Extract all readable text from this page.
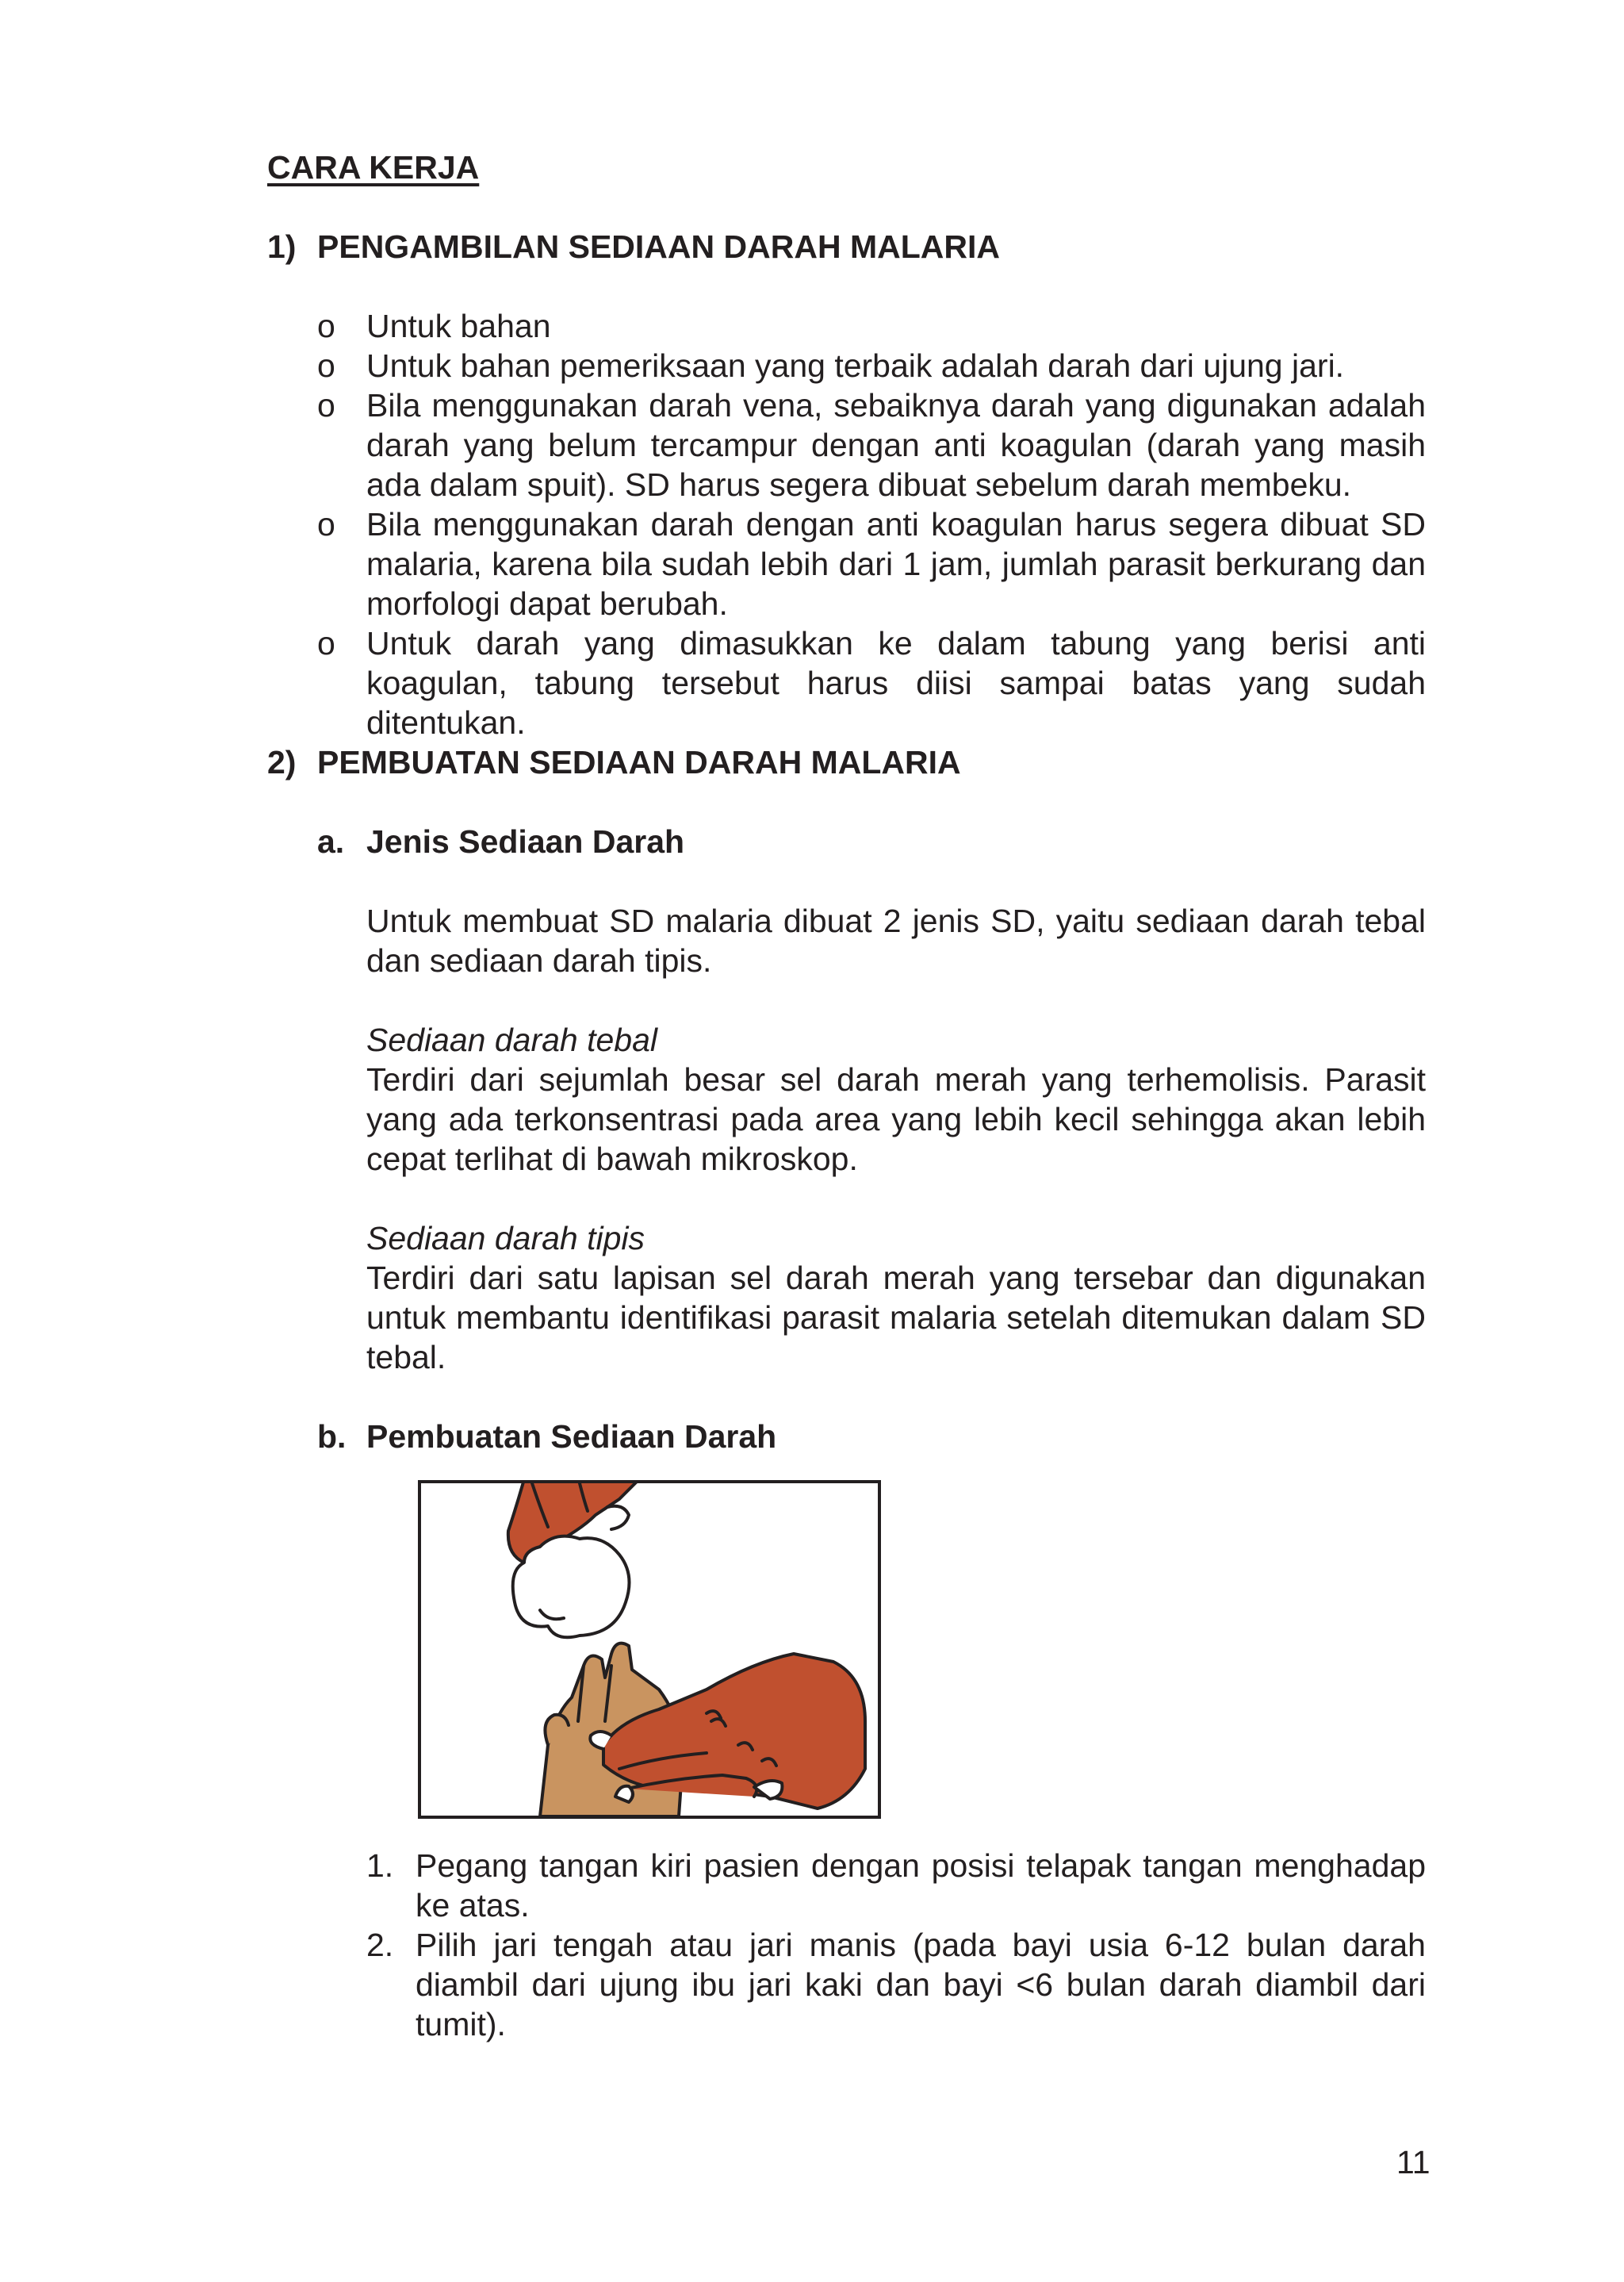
CARA KERJA
1) PENGAMBILAN SEDIAAN DARAH MALARIA
o Untuk bahan
o Untuk bahan pemeriksaan yang terbaik adalah darah dari ujung jari.
o Bila menggunakan darah vena, sebaiknya darah yang digunakan adalah darah yang belum tercampur dengan anti koagulan (darah yang masih ada dalam spuit). SD harus segera dibuat sebelum darah membeku.
o Bila menggunakan darah dengan anti koagulan harus segera dibuat SD malaria, karena bila sudah lebih dari 1 jam, jumlah parasit berkurang dan morfologi dapat berubah.
o Untuk darah yang dimasukkan ke dalam tabung yang berisi anti koagulan, tabung tersebut harus diisi sampai batas yang sudah ditentukan.
2) PEMBUATAN SEDIAAN DARAH MALARIA
a. Jenis Sediaan Darah
Untuk membuat SD malaria dibuat 2 jenis SD, yaitu sediaan darah tebal dan sediaan darah tipis.
Sediaan darah tebal
Terdiri dari sejumlah besar sel darah merah yang terhemolisis. Parasit yang ada terkonsentrasi pada area yang lebih kecil sehingga akan lebih cepat terlihat di bawah mikroskop.
Sediaan darah tipis
Terdiri dari satu lapisan sel darah merah yang tersebar dan digunakan untuk membantu identifikasi parasit malaria setelah ditemukan dalam SD tebal.
b. Pembuatan Sediaan Darah
1. Pegang tangan kiri pasien dengan posisi telapak tangan menghadap ke atas.
2. Pilih jari tengah atau jari manis (pada bayi usia 6-12 bulan darah diambil dari ujung ibu jari kaki dan bayi <6 bulan darah diambil dari tumit).
11
